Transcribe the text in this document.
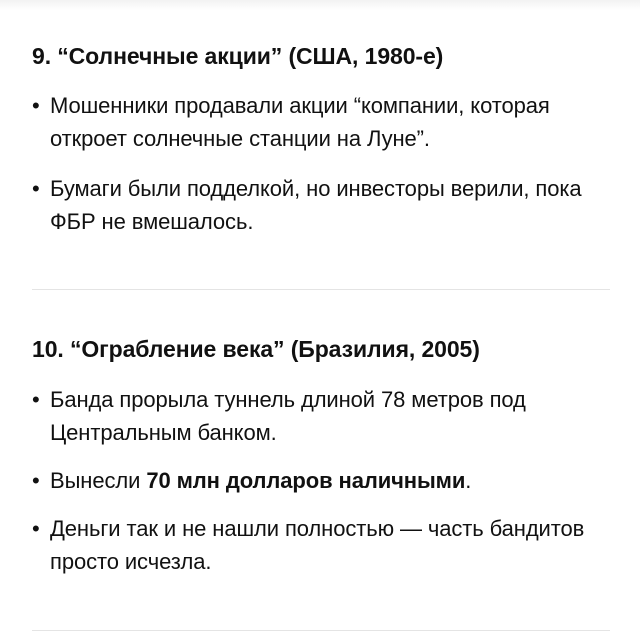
9. “Солнечные акции” (США, 1980-е)
• Мошенники продавали акции “компании, которая откроет солнечные станции на Луне”.
• Бумаги были подделкой, но инвесторы верили, пока ФБР не вмешалось.
10. “Ограбление века” (Бразилия, 2005)
• Банда прорыла туннель длиной 78 метров под Центральным банком.
• Вынесли 70 млн долларов наличными.
• Деньги так и не нашли полностью — часть бандитов просто исчезла.
